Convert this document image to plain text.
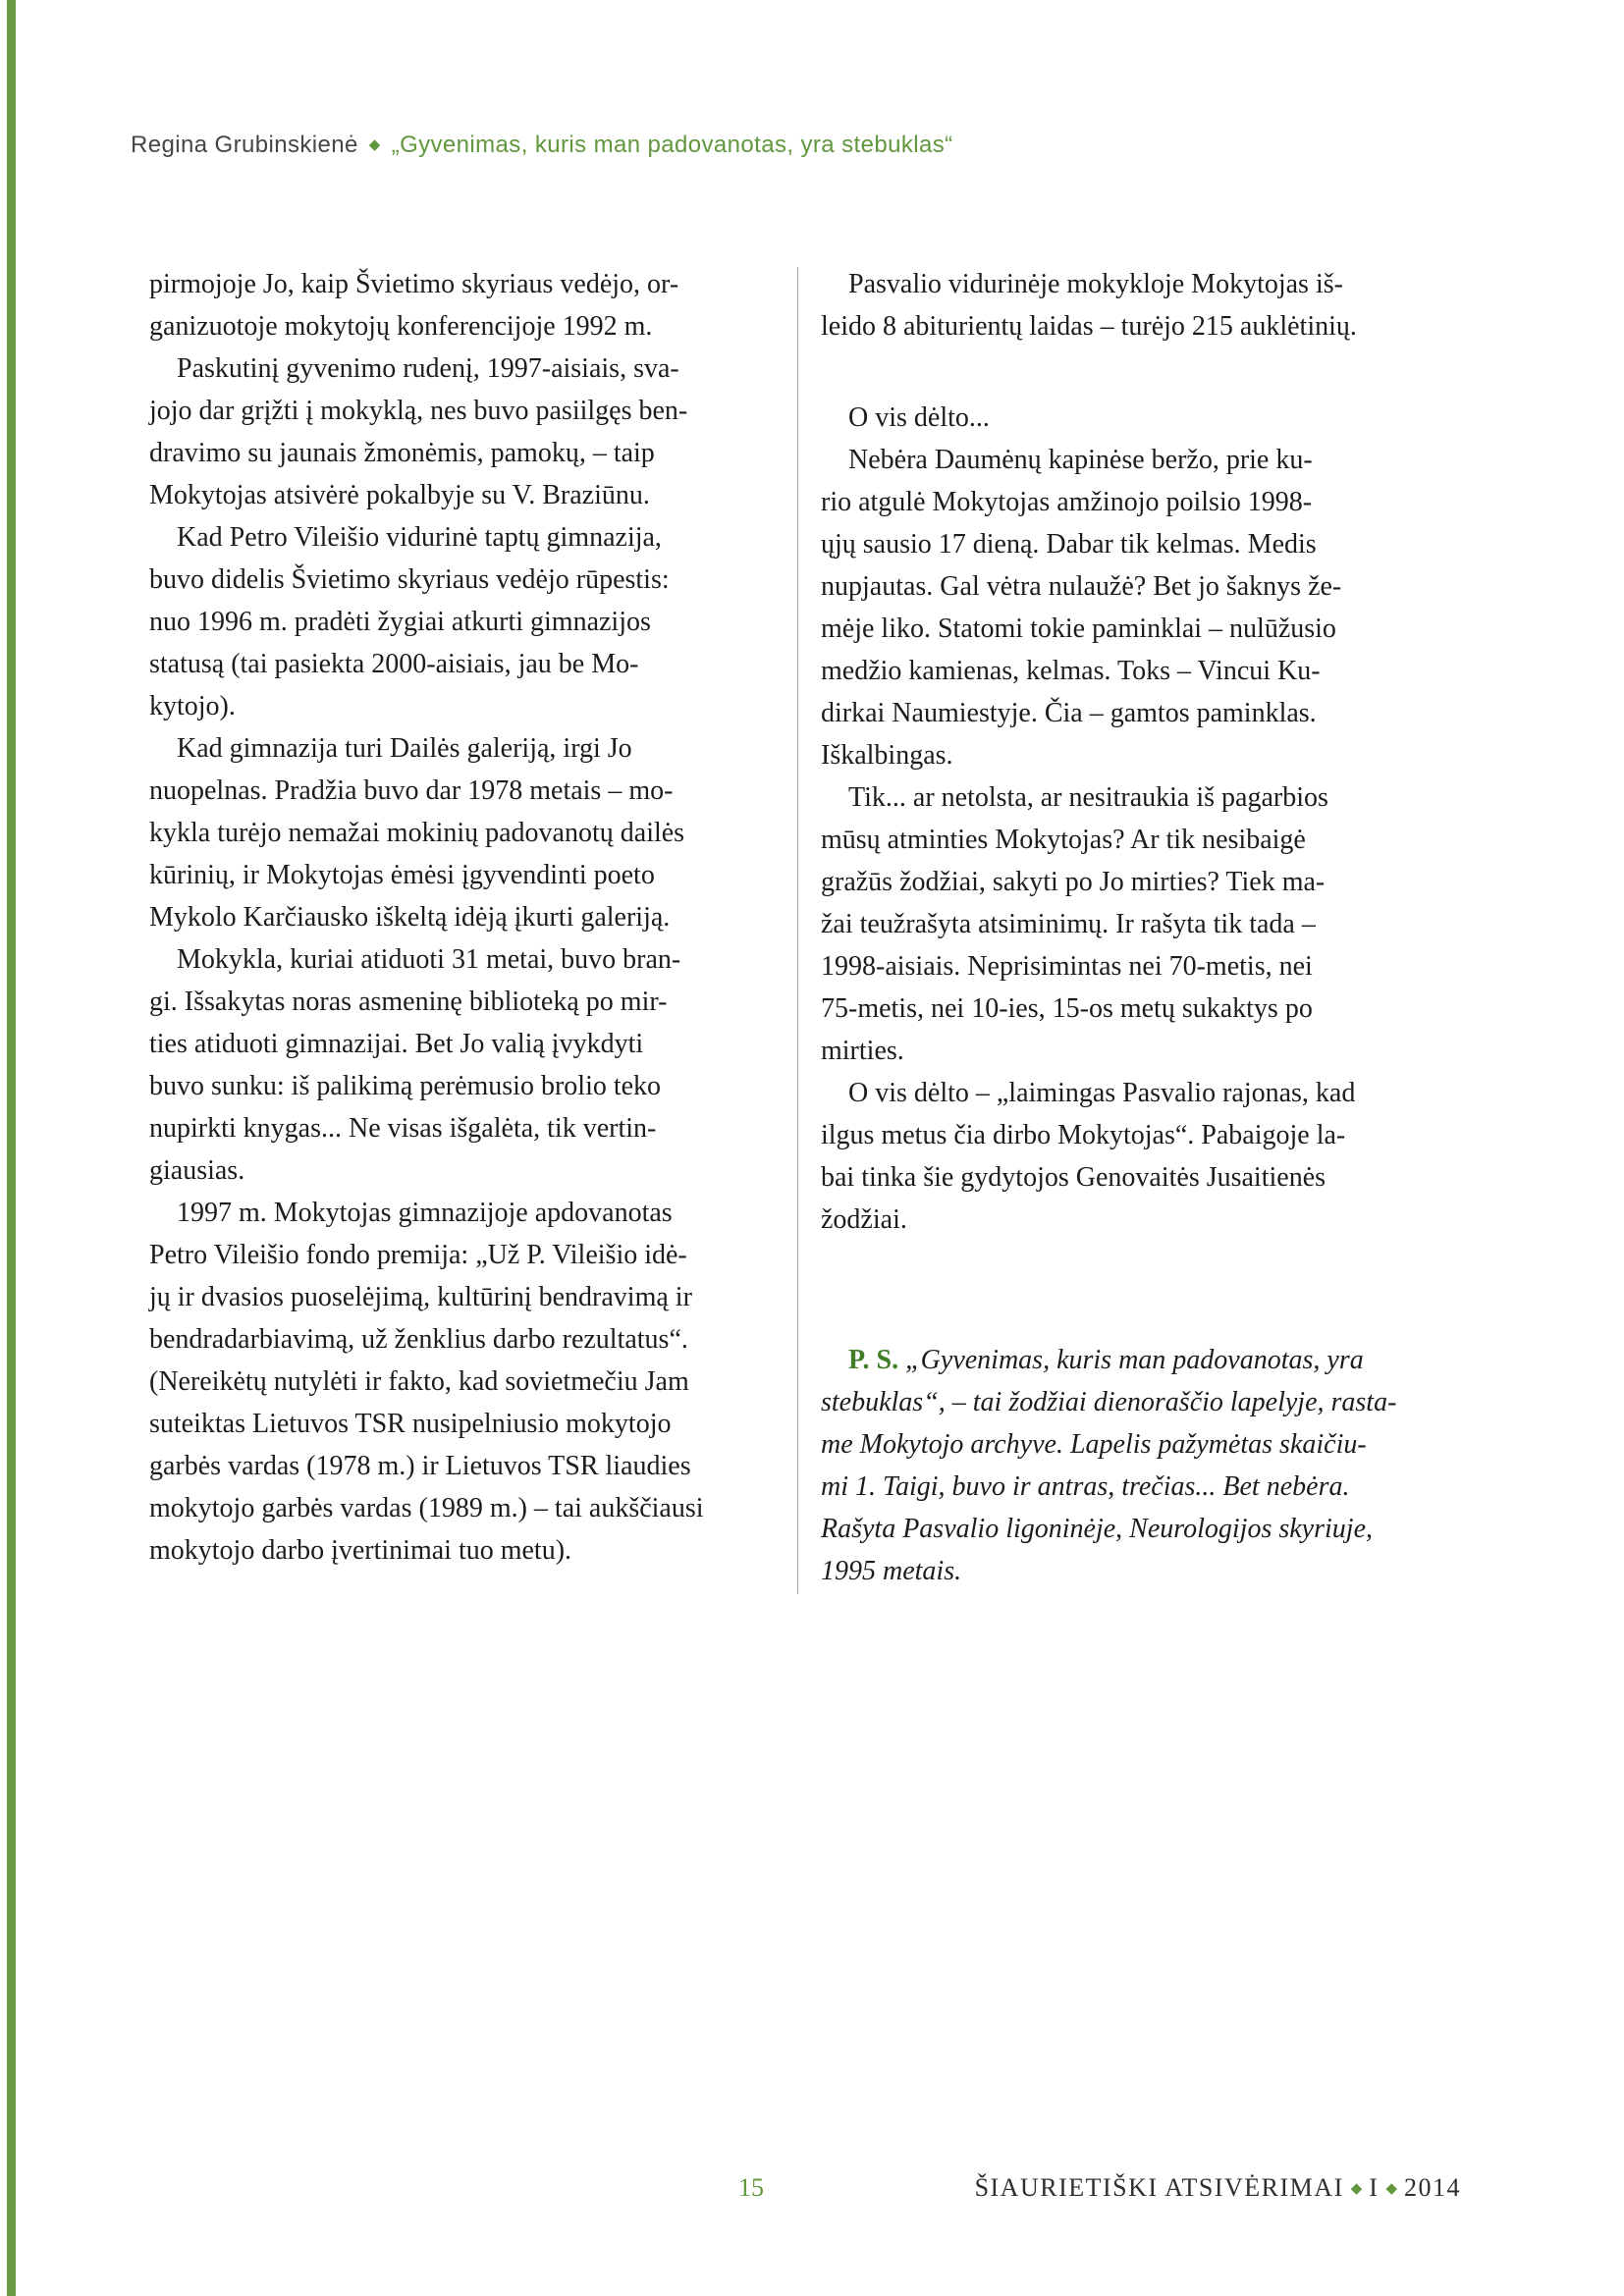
Regina Grubinskienė ◆ „Gyvenimas, kuris man padovanotas, yra stebuklas“
pirmojoje Jo, kaip Švietimo skyriaus vedėjo, or-
ganizuotoje mokytojų konferencijoje 1992 m.
Paskutinį gyvenimo rudenį, 1997-aisiais, sva-
jojo dar grįžti į mokyklą, nes buvo pasiilgęs ben-
dravimo su jaunais žmonėmis, pamokų, – taip
Mokytojas atsivėrė pokalbyje su V. Braziūnu.
Kad Petro Vileišio vidurinė taptų gimnazija,
buvo didelis Švietimo skyriaus vedėjo rūpestis:
nuo 1996 m. pradėti žygiai atkurti gimnazijos
statusą (tai pasiekta 2000-aisiais, jau be Mo-
kytojo).
Kad gimnazija turi Dailės galeriją, irgi Jo
nuopelnas. Pradžia buvo dar 1978 metais – mo-
kykla turėjo nemažai mokinių padovanotų dailės
kūrinių, ir Mokytojas ėmėsi įgyvendinti poeto
Mykolo Karčiausko iškeltą idėją įkurti galeriją.
Mokykla, kuriai atiduoti 31 metai, buvo bran-
gi. Išsakytas noras asmeninę biblioteką po mir-
ties atiduoti gimnazijai. Bet Jo valią įvykdyti
buvo sunku: iš palikimą perėmusio brolio teko
nupirkti knygas... Ne visas išgalėta, tik vertin-
giausias.
1997 m. Mokytojas gimnazijoje apdovanotas
Petro Vileišio fondo premija: „Už P. Vileišio idė-
jų ir dvasios puoselėjimą, kultūrinį bendravimą ir
bendradarbiavimą, už ženklius darbo rezultatus“.
(Nereikėtų nutylėti ir fakto, kad sovietmečiu Jam
suteiktas Lietuvos TSR nusipelniusio mokytojo
garbės vardas (1978 m.) ir Lietuvos TSR liaudies
mokytojo garbės vardas (1989 m.) – tai aukščiausi
mokytojo darbo įvertinimai tuo metu).
Pasvalio vidurinėje mokykloje Mokytojas iš-
leido 8 abiturientų laidas – turėjo 215 auklėtinių.
O vis dėlto...
Nebėra Daumėnų kapinėse beržo, prie ku-
rio atgulė Mokytojas amžinojo poilsio 1998-
ųjų sausio 17 dieną. Dabar tik kelmas. Medis
nupjautas. Gal vėtra nulaužė? Bet jo šaknys že-
mėje liko. Statomi tokie paminklai – nulūžusio
medžio kamienas, kelmas. Toks – Vincui Ku-
dirkai Naumiestyje. Čia – gamtos paminklas.
Iškalbingas.
Tik... ar netolsta, ar nesitraukia iš pagarbios
mūsų atminties Mokytojas? Ar tik nesibaigė
gražūs žodžiai, sakyti po Jo mirties? Tiek ma-
žai teužrašyta atsiminimų. Ir rašyta tik tada –
1998-aisiais. Neprisimintas nei 70-metis, nei
75-metis, nei 10-ies, 15-os metų sukaktys po
mirties.
O vis dėlto – „laimingas Pasvalio rajonas, kad
ilgus metus čia dirbo Mokytojas“. Pabaigoje la-
bai tinka šie gydytojos Genovaitės Jusaitienės
žodžiai.
P. S. „Gyvenimas, kuris man padovanotas, yra
stebuklas“, – tai žodžiai dienoraščio lapelyje, rasta-
me Mokytojo archyve. Lapelis pažymėtas skaičiu-
mi 1. Taigi, buvo ir antras, trečias... Bet nebėra.
Rašyta Pasvalio ligoninėje, Neurologijos skyriuje,
1995 metais.
15	ŠIAURIETIŠKI ATSIVĖRIMAI ◆ I ◆ 2014
